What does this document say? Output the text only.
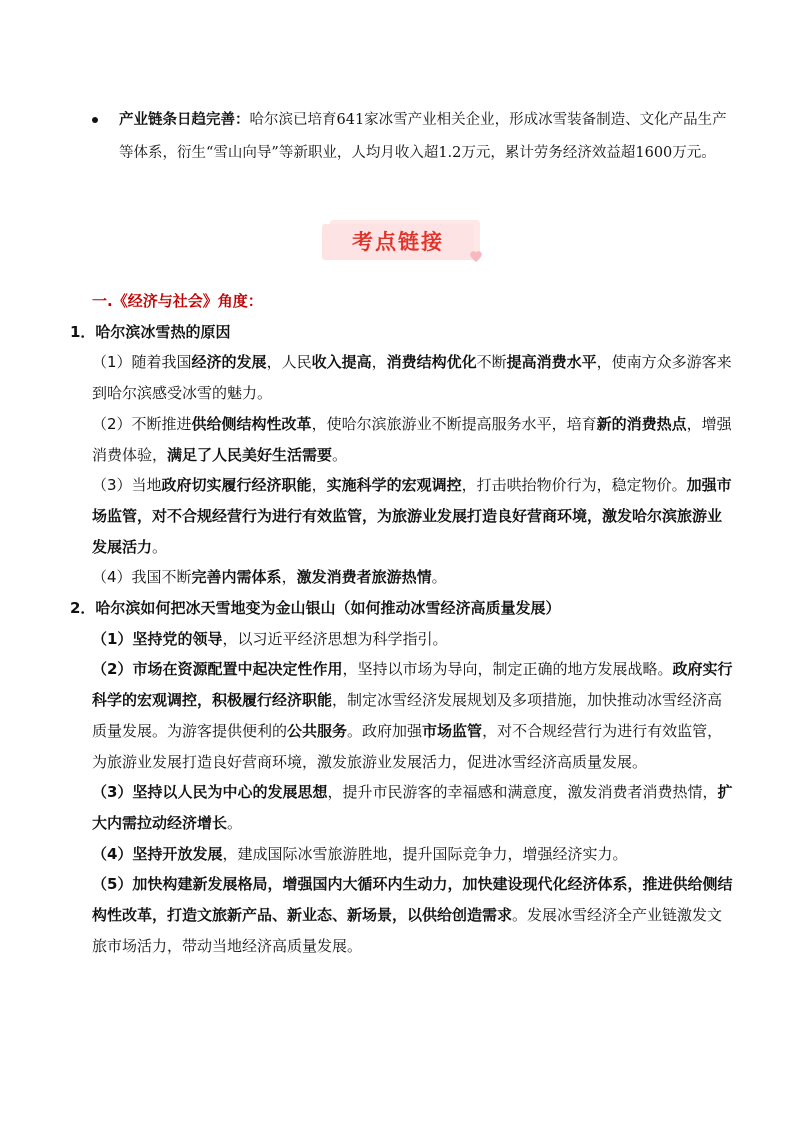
产业链条日趋完善：哈尔滨已培育641家冰雪产业相关企业，形成冰雪装备制造、文化产品生产等体系，衍生“雪山向导”等新职业，人均月收入超1.2万元，累计劳务经济效益超1600万元。
考点链接
一.《经济与社会》角度：
1．哈尔滨冰雪热的原因
（1）随着我国经济的发展，人民收入提高，消费结构优化不断提高消费水平，使南方众多游客来到哈尔滨感受冰雪的魅力。
（2）不断推进供给侧结构性改革，使哈尔滨旅游业不断提高服务水平，培育新的消费热点，增强消费体验，满足了人民美好生活需要。
（3）当地政府切实履行经济职能，实施科学的宏观调控，打击哄抬物价行为，稳定物价。加强市场监管，对不合规经营行为进行有效监管，为旅游业发展打造良好营商环境，激发哈尔滨旅游业发展活力。
（4）我国不断完善内需体系，激发消费者旅游热情。
2．哈尔滨如何把冰天雪地变为金山银山（如何推动冰雪经济高质量发展）
（1）坚持党的领导，以习近平经济思想为科学指引。
（2）市场在资源配置中起决定性作用，坚持以市场为导向，制定正确的地方发展战略。政府实行科学的宏观调控，积极履行经济职能，制定冰雪经济发展规划及多项措施，加快推动冰雪经济高质量发展。为游客提供便利的公共服务。政府加强市场监管，对不合规经营行为进行有效监管，为旅游业发展打造良好营商环境，激发旅游业发展活力，促进冰雪经济高质量发展。
（3）坚持以人民为中心的发展思想，提升市民游客的幸福感和满意度，激发消费者消费热情，扩大内需拉动经济增长。
（4）坚持开放发展，建成国际冰雪旅游胜地，提升国际竞争力，增强经济实力。
（5）加快构建新发展格局，增强国内大循环内生动力，加快建设现代化经济体系，推进供给侧结构性改革，打造文旅新产品、新业态、新场景，以供给创造需求。发展冰雪经济全产业链激发文旅市场活力，带动当地经济高质量发展。
